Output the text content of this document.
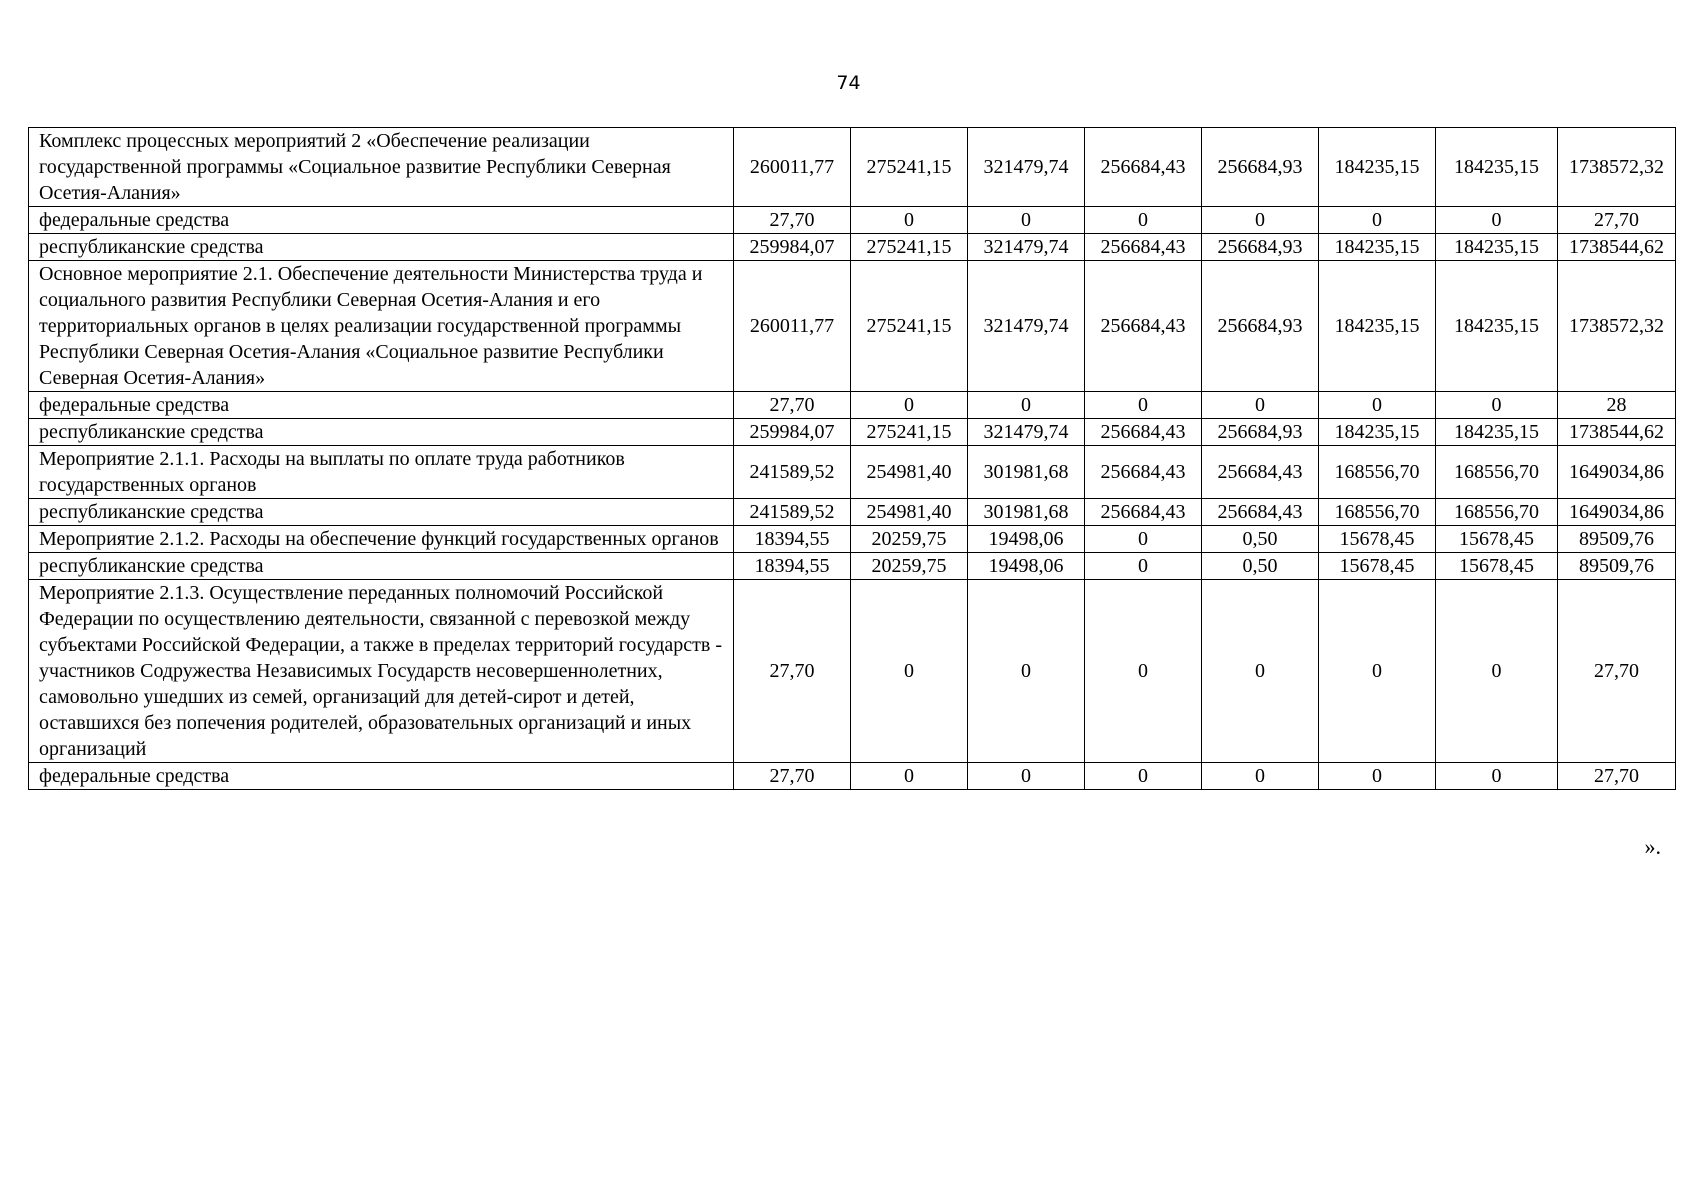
74
Комплекс процессных мероприятий 2 «Обеспечение реализации государственной программы «Социальное развитие Республики Северная Осетия-Алания»	260011,77	275241,15	321479,74	256684,43	256684,93	184235,15	184235,15	1738572,32
федеральные средства	27,70	0	0	0	0	0	0	27,70
республиканские средства	259984,07	275241,15	321479,74	256684,43	256684,93	184235,15	184235,15	1738544,62
Основное мероприятие 2.1. Обеспечение деятельности Министерства труда и социального развития Республики Северная Осетия-Алания и его территориальных органов в целях реализации государственной программы Республики Северная Осетия-Алания «Социальное развитие Республики Северная Осетия-Алания»	260011,77	275241,15	321479,74	256684,43	256684,93	184235,15	184235,15	1738572,32
федеральные средства	27,70	0	0	0	0	0	0	28
республиканские средства	259984,07	275241,15	321479,74	256684,43	256684,93	184235,15	184235,15	1738544,62
Мероприятие 2.1.1. Расходы на выплаты по оплате труда работников государственных органов	241589,52	254981,40	301981,68	256684,43	256684,43	168556,70	168556,70	1649034,86
республиканские средства	241589,52	254981,40	301981,68	256684,43	256684,43	168556,70	168556,70	1649034,86
Мероприятие 2.1.2. Расходы на обеспечение функций государственных органов	18394,55	20259,75	19498,06	0	0,50	15678,45	15678,45	89509,76
республиканские средства	18394,55	20259,75	19498,06	0	0,50	15678,45	15678,45	89509,76
Мероприятие 2.1.3. Осуществление переданных полномочий Российской Федерации по осуществлению деятельности, связанной с перевозкой между субъектами Российской Федерации, а также в пределах территорий государств - участников Содружества Независимых Государств несовершеннолетних, самовольно ушедших из семей, организаций для детей-сирот и детей, оставшихся без попечения родителей, образовательных организаций и иных организаций	27,70	0	0	0	0	0	0	27,70
федеральные средства	27,70	0	0	0	0	0	0	27,70
».
